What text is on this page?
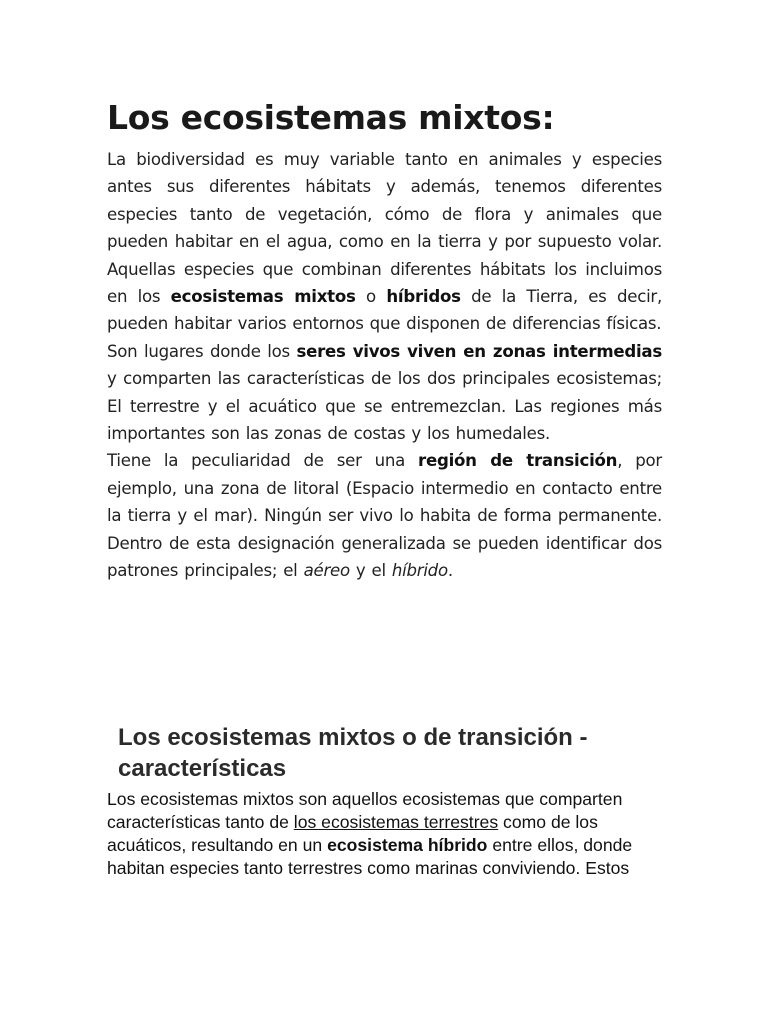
Los ecosistemas mixtos:

La biodiversidad es muy variable tanto en animales y especies antes sus diferentes hábitats y además, tenemos diferentes especies tanto de vegetación, cómo de flora y animales que pueden habitar en el agua, como en la tierra y por supuesto volar. Aquellas especies que combinan diferentes hábitats los incluimos en los ecosistemas mixtos o híbridos de la Tierra, es decir, pueden habitar varios entornos que disponen de diferencias físicas.

Son lugares donde los seres vivos viven en zonas intermedias y comparten las características de los dos principales ecosistemas; El terrestre y el acuático que se entremezclan. Las regiones más importantes son las zonas de costas y los humedales.

Tiene la peculiaridad de ser una región de transición, por ejemplo, una zona de litoral (Espacio intermedio en contacto entre la tierra y el mar). Ningún ser vivo lo habita de forma permanente. Dentro de esta designación generalizada se pueden identificar dos patrones principales; el aéreo y el híbrido.

Los ecosistemas mixtos o de transición - características

Los ecosistemas mixtos son aquellos ecosistemas que comparten características tanto de los ecosistemas terrestres como de los acuáticos, resultando en un ecosistema híbrido entre ellos, donde habitan especies tanto terrestres como marinas conviviendo. Estos
